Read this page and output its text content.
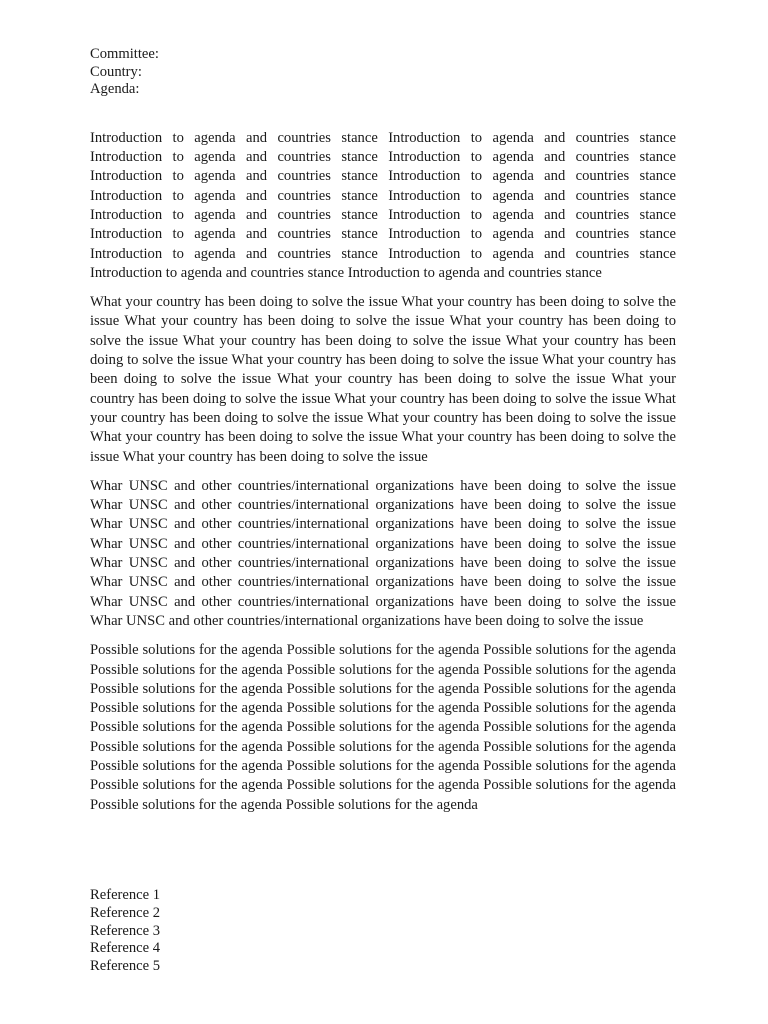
Committee:
Country:
Agenda:

Introduction to agenda and countries stance Introduction to agenda and countries stance Introduction to agenda and countries stance Introduction to agenda and countries stance Introduction to agenda and countries stance Introduction to agenda and countries stance Introduction to agenda and countries stance Introduction to agenda and countries stance Introduction to agenda and countries stance Introduction to agenda and countries stance Introduction to agenda and countries stance Introduction to agenda and countries stance Introduction to agenda and countries stance Introduction to agenda and countries stance Introduction to agenda and countries stance Introduction to agenda and countries stance

What your country has been doing to solve the issue What your country has been doing to solve the issue What your country has been doing to solve the issue What your country has been doing to solve the issue What your country has been doing to solve the issue What your country has been doing to solve the issue What your country has been doing to solve the issue What your country has been doing to solve the issue What your country has been doing to solve the issue What your country has been doing to solve the issue What your country has been doing to solve the issue What your country has been doing to solve the issue What your country has been doing to solve the issue What your country has been doing to solve the issue What your country has been doing to solve the issue What your country has been doing to solve the issue

Whar UNSC and other countries/international organizations have been doing to solve the issue Whar UNSC and other countries/international organizations have been doing to solve the issue Whar UNSC and other countries/international organizations have been doing to solve the issue Whar UNSC and other countries/international organizations have been doing to solve the issue Whar UNSC and other countries/international organizations have been doing to solve the issue Whar UNSC and other countries/international organizations have been doing to solve the issue Whar UNSC and other countries/international organizations have been doing to solve the issue Whar UNSC and other countries/international organizations have been doing to solve the issue

Possible solutions for the agenda Possible solutions for the agenda Possible solutions for the agenda Possible solutions for the agenda Possible solutions for the agenda Possible solutions for the agenda Possible solutions for the agenda Possible solutions for the agenda Possible solutions for the agenda Possible solutions for the agenda Possible solutions for the agenda Possible solutions for the agenda Possible solutions for the agenda Possible solutions for the agenda Possible solutions for the agenda Possible solutions for the agenda Possible solutions for the agenda Possible solutions for the agenda Possible solutions for the agenda Possible solutions for the agenda Possible solutions for the agenda Possible solutions for the agenda Possible solutions for the agenda Possible solutions for the agenda Possible solutions for the agenda Possible solutions for the agenda

Reference 1
Reference 2
Reference 3
Reference 4
Reference 5
